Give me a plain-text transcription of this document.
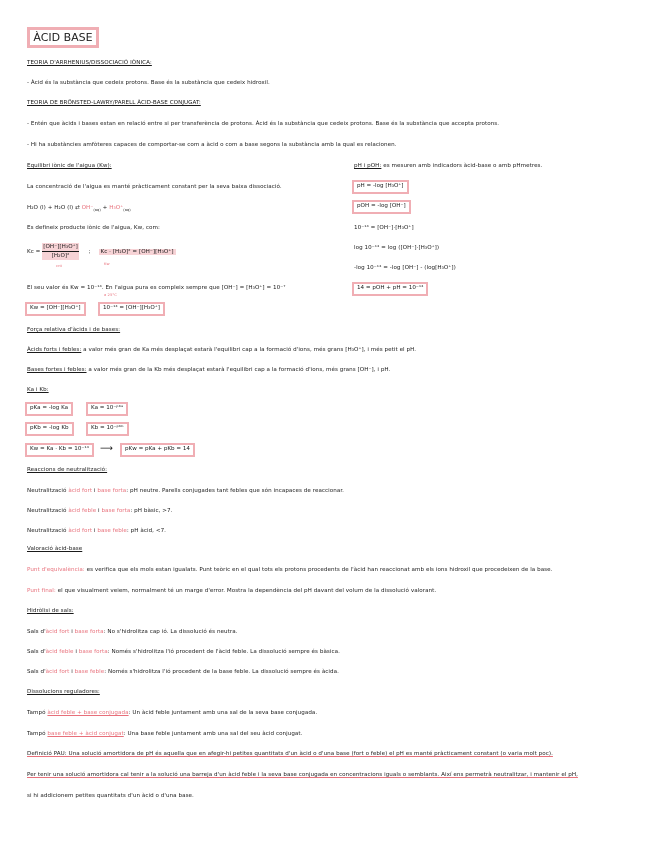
ÀCID BASE
TEORIA D'ARRHENIUS/DISSOCIACIÓ IÒNICA:
- Àcid és la substància que cedeix protons. Base és la substància que cedeix hidroxil.
TEORIA DE BRÖNSTED-LAWRY/PARELL ÀCID-BASE CONJUGAT:
- Entén que àcids i bases estan en relació entre si per transferència de protons. Àcid és la substància que cedeix protons. Base és la substància que accepta protons.
- Hi ha substàncies amfòteres capaces de comportar-se com a àcid o com a base segons la substància amb la qual es relacionen.
Equilibri iònic de l'aigua (Kw):
La concentració de l'aigua es manté pràcticament constant per la seva baixa dissociació.
H₂O (l) + H₂O (l) ⇄ $OH^-_{(aq)} + H_3O^+_{(aq)}$
Es defineix producte iònic de l'aigua, Kw, com:
$Kc = \frac{\text{[OH⁻][H₃O⁺]}}{\text{[H₂O]²}}$ ; Kc · [H₂O]² = [OH⁻][H₃O⁺]
cnt	Kw
El seu valor és Kw = 10⁻¹⁴. En l'aigua pura es compleix sempre que [OH⁻] = [H₃O⁺] = 10⁻⁷
a 25°C
Kw = [OH⁻][H₃O⁺]	10⁻¹⁴ = [OH⁻][H₃O⁺]
pH i pOH: es mesuren amb indicadors àcid-base o amb pHmetres.
pH = -log [H₃O⁺]
pOH = -log [OH⁻]
10⁻¹⁴ = [OH⁻]·[H₃O⁺]
log 10⁻¹⁴ = log ([OH⁻]·[H₃O⁺])
-log 10⁻¹⁴ = -log [OH⁻] - (log[H₃O⁺])
14 = pOH + pH = 10⁻¹⁴
Força relativa d'àcids i de bases:
Àcids forts i febles: a valor més gran de Ka més desplaçat estarà l'equilibri cap a la formació d'ions, més grans [H₃O⁺], i més petit el pH.
Bases fortes i febles: a valor més gran de la Kb més desplaçat estarà l'equilibri cap a la formació d'ions, més grans [OH⁻], i pH.
Ka i Kb:
pKa = -log Ka	Ka = 10⁻ᵖᴷᵃ
pKb = -log Kb	Kb = 10⁻ᵖᴷᵇ
Kw = Ka · Kb = 10⁻¹⁴	⟶	pKw = pKa + pKb = 14
Reaccions de neutralització:
Neutralització àcid fort i base forta: pH neutre. Parells conjugades tant febles que són incapaces de reaccionar.
Neutralització àcid feble i base forta: pH bàsic, >7.
Neutralització àcid fort i base feble: pH àcid, <7.
Valoració àcid-base
Punt d'equivalència: es verifica que els mols estan igualats. Punt teòric en el qual tots els protons procedents de l'àcid han reaccionat amb els ions hidroxil que procedeixen de la base.
Punt final: el que visualment veiem, normalment té un marge d'error. Mostra la dependència del pH davant del volum de la dissolució valorant.
Hidròlisi de sals:
Sals d'àcid fort i base forta: No s'hidrolitza cap ió. La dissolució és neutra.
Sals d'àcid feble i base forta: Només s'hidrolitza l'ió procedent de l'àcid feble. La dissolució sempre és bàsica.
Sals d'àcid fort i base feble: Només s'hidrolitza l'ió procedent de la base feble. La dissolució sempre és àcida.
Dissolucions reguladores:
Tampó àcid feble + base conjugada: Un àcid feble juntament amb una sal de la seva base conjugada.
Tampó base feble + àcid conjugat: Una base feble juntament amb una sal del seu àcid conjugat.
Definició PAU: Una solució amortidora de pH és aquella que en afegir-hi petites quantitats d'un àcid o d'una base (fort o feble) el pH es manté pràcticament constant (o varia molt poc).
Per tenir una solució amortidora cal tenir a la solució una barreja d'un àcid feble i la seva base conjugada en concentracions iguals o semblants. Així ens permetrà neutralitzar, i mantenir el pH,
si hi addicionem petites quantitats d'un àcid o d'una base.
